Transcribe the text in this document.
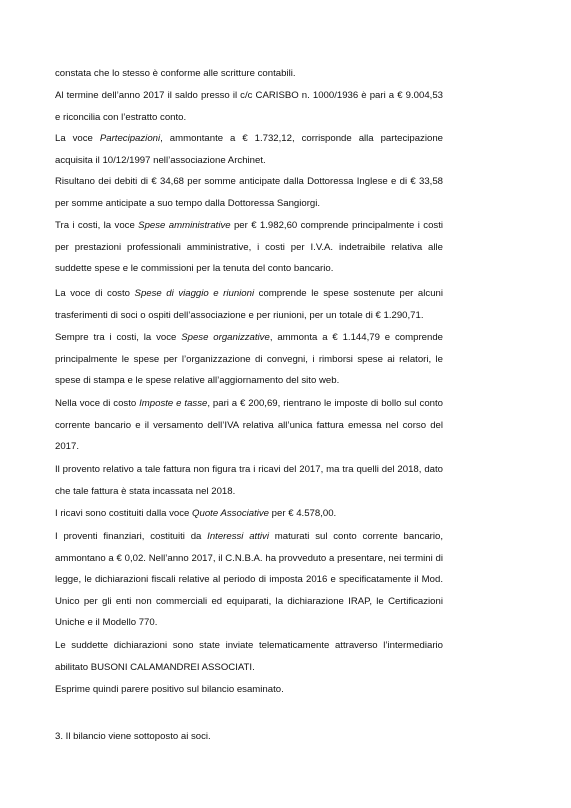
constata che lo stesso è conforme alle scritture contabili.

Al termine dell’anno 2017 il saldo presso il c/c CARISBO n. 1000/1936 è pari a € 9.004,53
e riconcilia con l’estratto conto.

La voce Partecipazioni, ammontante a € 1.732,12, corrisponde alla partecipazione
acquisita il 10/12/1997 nell’associazione Archinet.

Risultano dei debiti di € 34,68 per somme anticipate dalla Dottoressa Inglese e di € 33,58
per somme anticipate a suo tempo dalla Dottoressa Sangiorgi.

Tra i costi, la voce Spese amministrative per € 1.982,60 comprende principalmente i costi
per prestazioni professionali amministrative, i costi per I.V.A. indetraibile relativa alle
suddette spese e le commissioni per la tenuta del conto bancario.

La voce di costo Spese di viaggio e riunioni comprende le spese sostenute per alcuni
trasferimenti di soci o ospiti dell’associazione e per riunioni, per un totale di € 1.290,71.

Sempre tra i costi, la voce Spese organizzative, ammonta a € 1.144,79 e comprende
principalmente le spese per l’organizzazione di convegni, i rimborsi spese ai relatori, le
spese di stampa e le spese relative all’aggiornamento del sito web.

Nella voce di costo Imposte e tasse, pari a € 200,69, rientrano le imposte di bollo sul conto
corrente bancario e il versamento dell’IVA relativa all’unica fattura emessa nel corso del
2017.

Il provento relativo a tale fattura non figura tra i ricavi del 2017, ma tra quelli del 2018, dato
che tale fattura è stata incassata nel 2018.

I ricavi sono costituiti dalla voce Quote Associative per € 4.578,00.

I proventi finanziari, costituiti da Interessi attivi maturati sul conto corrente bancario,
ammontano a € 0,02. Nell’anno 2017, il C.N.B.A. ha provveduto a presentare, nei termini di
legge, le dichiarazioni fiscali relative al periodo di imposta 2016 e specificatamente il Mod.
Unico per gli enti non commerciali ed equiparati, la dichiarazione IRAP, le Certificazioni
Uniche e il Modello 770.

Le suddette dichiarazioni sono state inviate telematicamente attraverso l’intermediario
abilitato BUSONI CALAMANDREI ASSOCIATI.

Esprime quindi parere positivo sul bilancio esaminato.

3. Il bilancio viene sottoposto ai soci.
